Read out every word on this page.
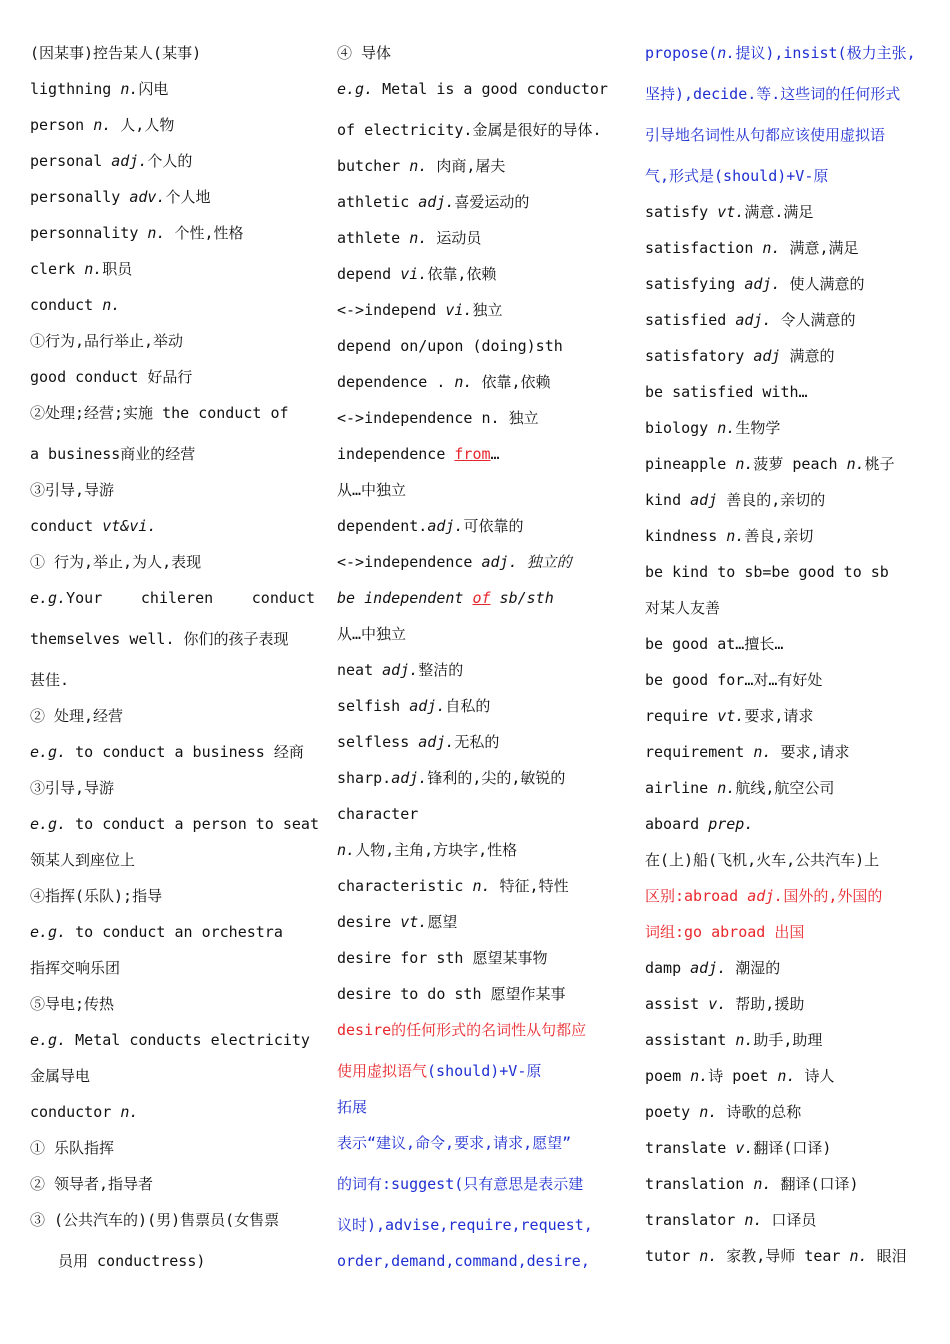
(因某事)控告某人(某事)
ligthning n.闪电
person n. 人,人物
personal adj.个人的
personally adv.个人地
personnality n. 个性,性格
clerk n.职员
conduct n.
①行为,品行举止,举动
good conduct 好品行
②处理;经营;实施 the conduct of
a business商业的经营
③引导,导游
conduct vt&vi.
① 行为,举止,为人,表现
e.g.Your	chileren	conduct
themselves well. 你们的孩子表现
甚佳.
② 处理,经营
e.g. to conduct a business 经商
③引导,导游
e.g. to conduct a person to seat
领某人到座位上
④指挥(乐队);指导
e.g. to conduct an orchestra
指挥交响乐团
⑤导电;传热
e.g. Metal conducts electricity
金属导电
conductor n.
① 乐队指挥
② 领导者,指导者
③ (公共汽车的)(男)售票员(女售票
员用 conductress)
④ 导体
e.g. Metal is a good conductor
of electricity.金属是很好的导体.
butcher n. 肉商,屠夫
athletic adj.喜爱运动的
athlete n. 运动员
depend vi.依靠,依赖
<->independ vi.独立
depend on/upon (doing)sth
dependence . n. 依靠,依赖
<->independence n. 独立
independence from…
从…中独立
dependent.adj.可依靠的
<->independence adj. 独立的
be independent of sb/sth
从…中独立
neat adj.整洁的
selfish adj.自私的
selfless adj.无私的
sharp.adj.锋利的,尖的,敏锐的
character
n.人物,主角,方块字,性格
characteristic n. 特征,特性
desire vt.愿望
desire for sth 愿望某事物
desire to do sth 愿望作某事
desire的任何形式的名词性从句都应
使用虚拟语气(should)+V-原
拓展
表示“建议,命令,要求,请求,愿望”
的词有:suggest(只有意思是表示建
议时),advise,require,request,
order,demand,command,desire,
propose(n.提议),insist(极力主张,
坚持),decide.等.这些词的任何形式
引导地名词性从句都应该使用虚拟语
气,形式是(should)+V-原
satisfy vt.满意.满足
satisfaction n. 满意,满足
satisfying adj. 使人满意的
satisfied adj. 令人满意的
satisfatory adj 满意的
be satisfied with…
biology n.生物学
pineapple n.菠萝 peach n.桃子
kind adj 善良的,亲切的
kindness n.善良,亲切
be kind to sb=be good to sb
对某人友善
be good at…擅长…
be good for…对…有好处
require vt.要求,请求
requirement n. 要求,请求
airline n.航线,航空公司
aboard prep.
在(上)船(飞机,火车,公共汽车)上
区别:abroad adj.国外的,外国的
词组:go abroad 出国
damp adj. 潮湿的
assist v. 帮助,援助
assistant n.助手,助理
poem n.诗 poet n. 诗人
poety n. 诗歌的总称
translate v.翻译(口译)
translation n. 翻译(口译)
translator n. 口译员
tutor n. 家教,导师 tear n. 眼泪
